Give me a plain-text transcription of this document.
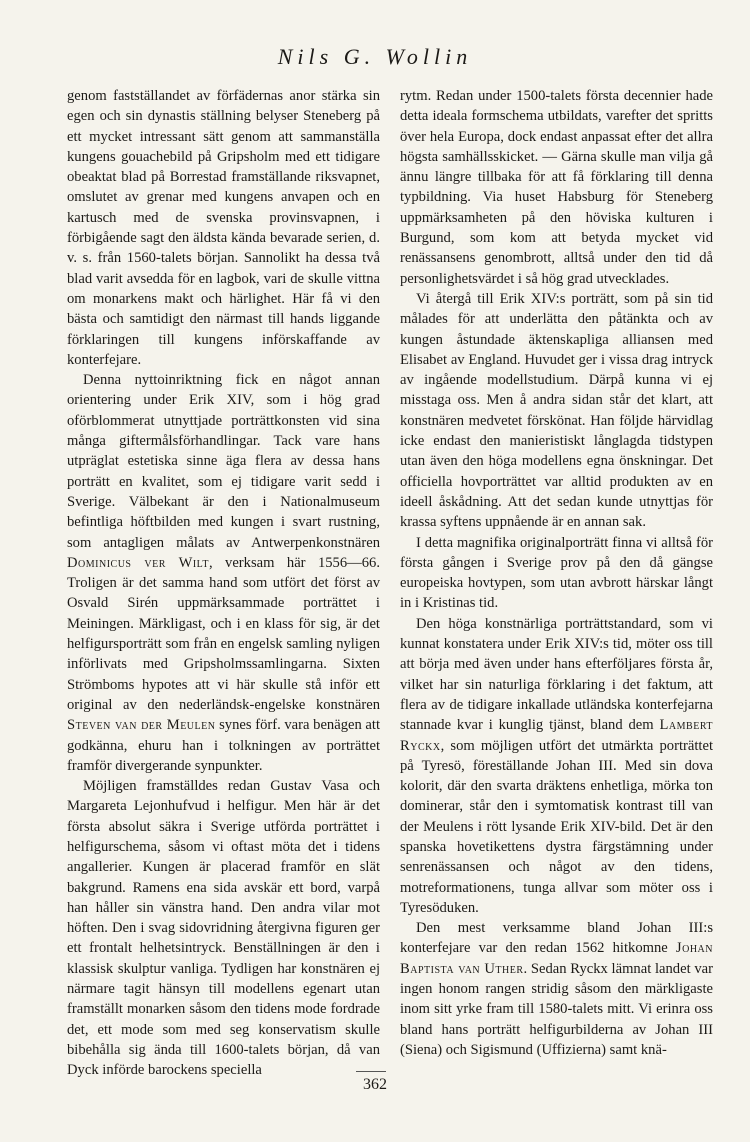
Nils G. Wollin

genom fastställandet av förfädernas anor stärka sin egen och sin dynastis ställning belyser Steneberg på ett mycket intressant sätt genom att sammanställa kungens gouachebild på Gripsholm med ett tidigare obeaktat blad på Borrestad framställande riksvapnet, omslutet av grenar med kungens anvapen och en kartusch med de svenska provinsvapnen, i förbigående sagt den äldsta kända bevarade serien, d. v. s. från 1560-talets början. Sannolikt ha dessa två blad varit avsedda för en lagbok, vari de skulle vittna om monarkens makt och härlighet. Här få vi den bästa och samtidigt den närmast till hands liggande förklaringen till kungens införskaffande av konterfejare.

Denna nyttoinriktning fick en något annan orientering under Erik XIV, som i hög grad oförblommerat utnyttjade porträttkonsten vid sina många giftermålsförhandlingar. Tack vare hans utpräglat estetiska sinne äga flera av dessa hans porträtt en kvalitet, som ej tidigare varit sedd i Sverige. Välbekant är den i Nationalmuseum befintliga höftbilden med kungen i svart rustning, som antagligen målats av Antwerpenkonstnären Dominicus ver Wilt, verksam här 1556—66. Troligen är det samma hand som utfört det först av Osvald Sirén uppmärksammade porträttet i Meiningen. Märkligast, och i en klass för sig, är det helfigursporträtt som från en engelsk samling nyligen införlivats med Gripsholmssamlingarna. Sixten Strömboms hypotes att vi här skulle stå inför ett original av den nederländsk-engelske konstnären Steven van der Meulen synes förf. vara benägen att godkänna, ehuru han i tolkningen av porträttet framför divergerande synpunkter.

Möjligen framställdes redan Gustav Vasa och Margareta Lejonhufvud i helfigur. Men här är det första absolut säkra i Sverige utförda porträttet i helfigurschema, såsom vi oftast möta det i tidens angallerier. Kungen är placerad framför en slät bakgrund. Ramens ena sida avskär ett bord, varpå han håller sin vänstra hand. Den andra vilar mot höften. Den i svag sidovridning återgivna figuren ger ett frontalt helhetsintryck. Benställningen är den i klassisk skulptur vanliga. Tydligen har konstnären ej närmare tagit hänsyn till modellens egenart utan framställt monarken såsom den tidens mode fordrade det, ett mode som med seg konservatism skulle bibehålla sig ända till 1600-talets början, då van Dyck införde barockens speciella

rytm. Redan under 1500-talets första decennier hade detta ideala formschema utbildats, varefter det spritts över hela Europa, dock endast anpassat efter det allra högsta samhällsskicket. — Gärna skulle man vilja gå ännu längre tillbaka för att få förklaring till denna typbildning. Via huset Habsburg för Steneberg uppmärksamheten på den höviska kulturen i Burgund, som kom att betyda mycket vid renässansens genombrott, alltså under den tid då personlighetsvärdet i så hög grad utvecklades.

Vi återgå till Erik XIV:s porträtt, som på sin tid målades för att underlätta den påtänkta och av kungen åstundade äktenskapliga alliansen med Elisabet av England. Huvudet ger i vissa drag intryck av ingående modellstudium. Därpå kunna vi ej misstaga oss. Men å andra sidan står det klart, att konstnären medvetet förskönat. Han följde härvidlag icke endast den manieristiskt långlagda tidstypen utan även den höga modellens egna önskningar. Det officiella hovporträttet var alltid produkten av en ideell åskådning. Att det sedan kunde utnyttjas för krassa syftens uppnående är en annan sak.

I detta magnifika originalporträtt finna vi alltså för första gången i Sverige prov på den då gängse europeiska hovtypen, som utan avbrott härskar långt in i Kristinas tid.

Den höga konstnärliga porträttstandard, som vi kunnat konstatera under Erik XIV:s tid, möter oss till att börja med även under hans efterföljares första år, vilket har sin naturliga förklaring i det faktum, att flera av de tidigare inkallade utländska konterfejarna stannade kvar i kunglig tjänst, bland dem Lambert Ryckx, som möjligen utfört det utmärkta porträttet på Tyresö, föreställande Johan III. Med sin dova kolorit, där den svarta dräktens enhetliga, mörka ton dominerar, står den i symtomatisk kontrast till van der Meulens i rött lysande Erik XIV-bild. Det är den spanska hovetikettens dystra färgstämning under senrenässansen och något av den tidens, motreformationens, tunga allvar som möter oss i Tyresöduken.

Den mest verksamme bland Johan III:s konterfejare var den redan 1562 hitkomne Johan Baptista van Uther. Sedan Ryckx lämnat landet var ingen honom rangen stridig såsom den märkligaste inom sitt yrke fram till 1580-talets mitt. Vi erinra oss bland hans porträtt helfigurbilderna av Johan III (Siena) och Sigismund (Uffizierna) samt knä-

362
